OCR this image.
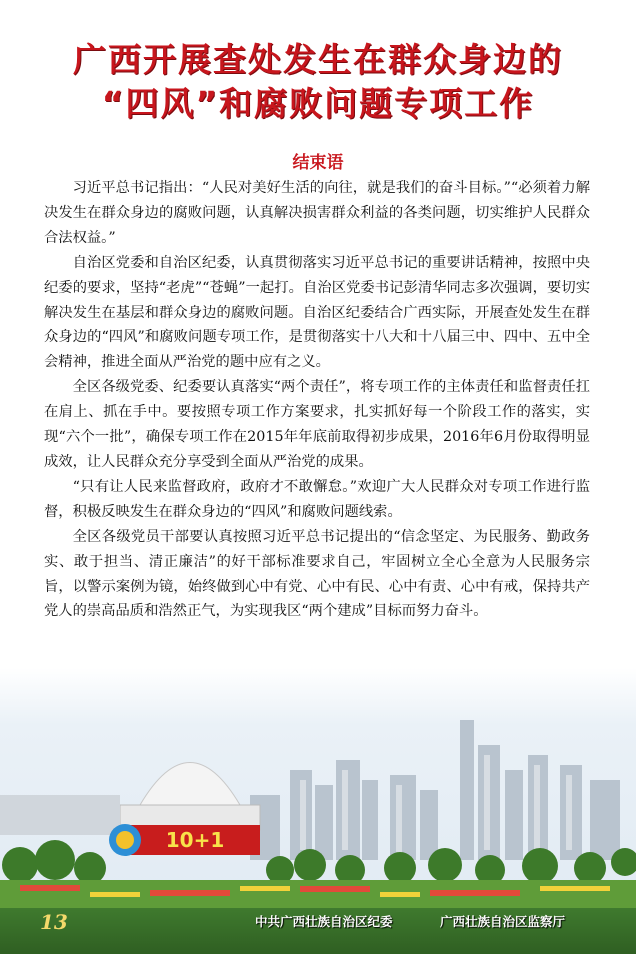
广西开展查处发生在群众身边的
“四风”和腐败问题专项工作
结束语

习近平总书记指出：“人民对美好生活的向往，就是我们的奋斗目标。”“必须着力解决发生在群众身边的腐败问题，认真解决损害群众利益的各类问题，切实维护人民群众合法权益。”

自治区党委和自治区纪委，认真贯彻落实习近平总书记的重要讲话精神，按照中央纪委的要求，坚持“老虎”“苍蝇”一起打。自治区党委书记彭清华同志多次强调，要切实解决发生在基层和群众身边的腐败问题。自治区纪委结合广西实际，开展查处发生在群众身边的“四风”和腐败问题专项工作，是贯彻落实十八大和十八届三中、四中、五中全会精神，推进全面从严治党的题中应有之义。

全区各级党委、纪委要认真落实“两个责任”，将专项工作的主体责任和监督责任扛在肩上、抓在手中。要按照专项工作方案要求，扎实抓好每一个阶段工作的落实，实现“六个一批”，确保专项工作在2015年年底前取得初步成果，2016年6月份取得明显成效，让人民群众充分享受到全面从严治党的成果。

“只有让人民来监督政府，政府才不敢懈怠。”欢迎广大人民群众对专项工作进行监督，积极反映发生在群众身边的“四风”和腐败问题线索。

全区各级党员干部要认真按照习近平总书记提出的“信念坚定、为民服务、勤政务实、敢于担当、清正廉洁”的好干部标准要求自己，牢固树立全心全意为人民服务宗旨，以警示案例为镜，始终做到心中有党、心中有民、心中有责、心中有戒，保持共产党人的崇高品质和浩然正气，为实现我区“两个建成”目标而努力奋斗。

10+1
13	中共广西壮族自治区纪委	广西壮族自治区监察厅
